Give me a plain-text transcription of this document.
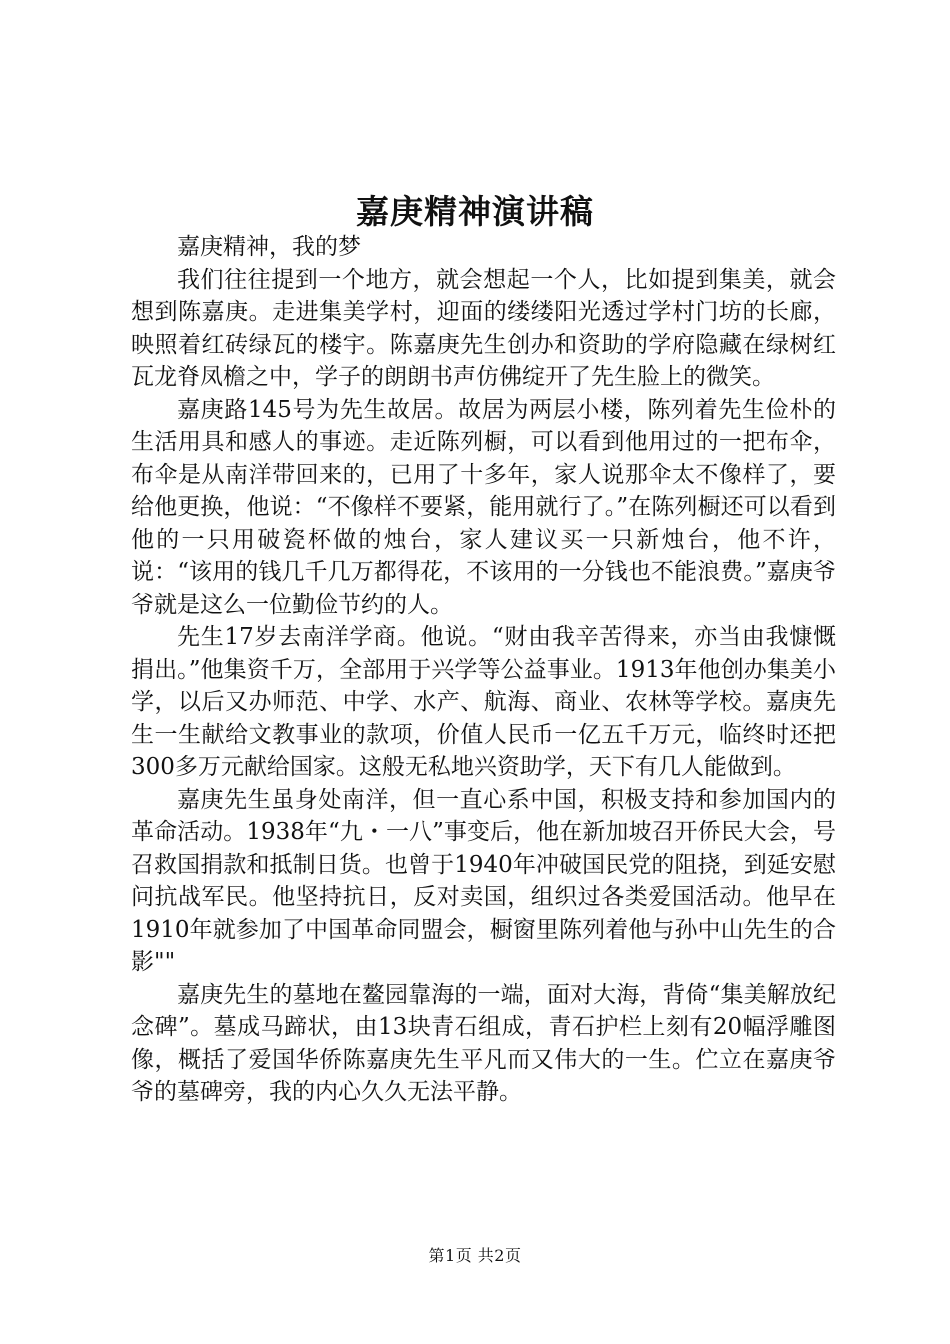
嘉庚精神演讲稿

嘉庚精神，我的梦

我们往往提到一个地方，就会想起一个人，比如提到集美，就会想到陈嘉庚。走进集美学村，迎面的缕缕阳光透过学村门坊的长廊，映照着红砖绿瓦的楼宇。陈嘉庚先生创办和资助的学府隐藏在绿树红瓦龙脊凤檐之中，学子的朗朗书声仿佛绽开了先生脸上的微笑。

嘉庚路145号为先生故居。故居为两层小楼，陈列着先生俭朴的生活用具和感人的事迹。走近陈列橱，可以看到他用过的一把布伞，布伞是从南洋带回来的，已用了十多年，家人说那伞太不像样了，要给他更换，他说：“不像样不要紧，能用就行了。”在陈列橱还可以看到他的一只用破瓷杯做的烛台，家人建议买一只新烛台，他不许，说：“该用的钱几千几万都得花，不该用的一分钱也不能浪费。”嘉庚爷爷就是这么一位勤俭节约的人。

先生17岁去南洋学商。他说。“财由我辛苦得来，亦当由我慷慨捐出。”他集资千万，全部用于兴学等公益事业。1913年他创办集美小学，以后又办师范、中学、水产、航海、商业、农林等学校。嘉庚先生一生献给文教事业的款项，价值人民币一亿五千万元，临终时还把300多万元献给国家。这般无私地兴资助学，天下有几人能做到。

嘉庚先生虽身处南洋，但一直心系中国，积极支持和参加国内的革命活动。1938年“九・一八”事变后，他在新加坡召开侨民大会，号召救国捐款和抵制日货。也曾于1940年冲破国民党的阻挠，到延安慰问抗战军民。他坚持抗日，反对卖国，组织过各类爱国活动。他早在1910年就参加了中国革命同盟会，橱窗里陈列着他与孙中山先生的合影""

嘉庚先生的墓地在鳌园靠海的一端，面对大海，背倚“集美解放纪念碑”。墓成马蹄状，由13块青石组成，青石护栏上刻有20幅浮雕图像，概括了爱国华侨陈嘉庚先生平凡而又伟大的一生。伫立在嘉庚爷爷的墓碑旁，我的内心久久无法平静。

第1页 共2页
